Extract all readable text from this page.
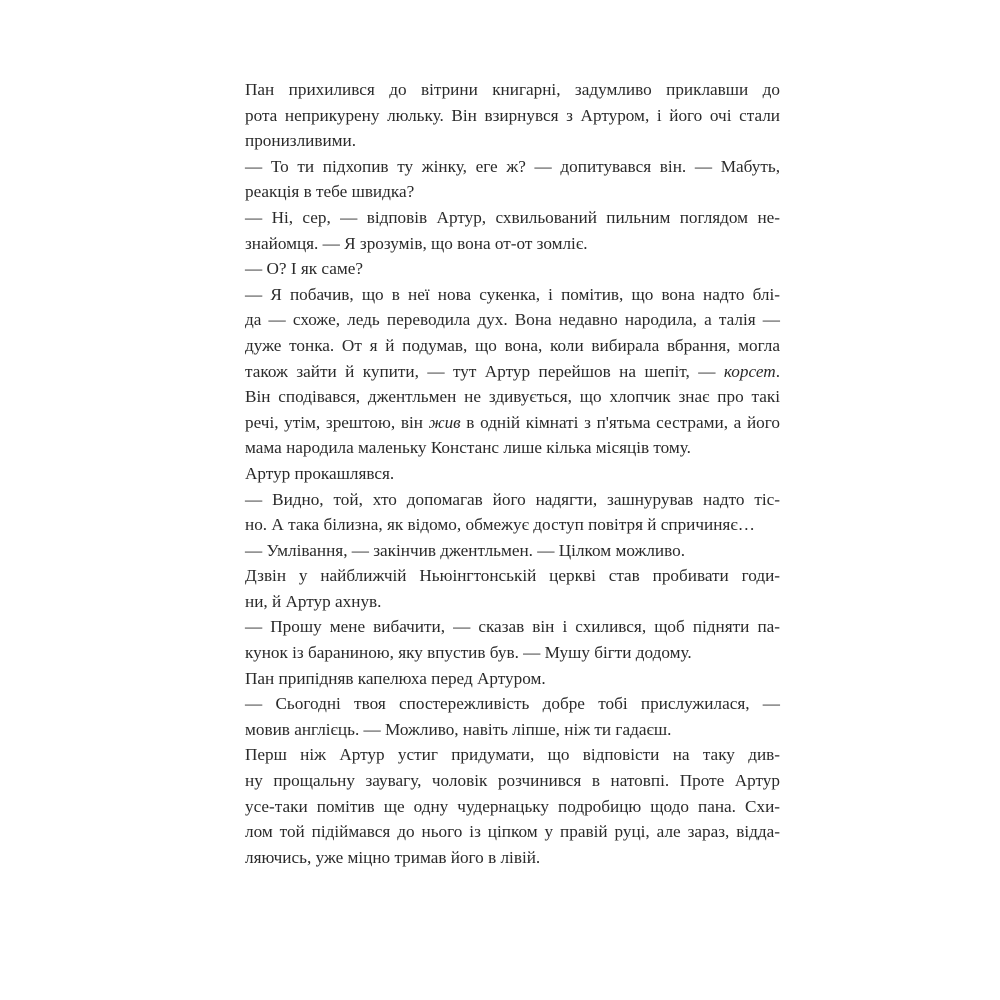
Пан прихилився до вітрини книгарні, задумливо приклавши до
рота неприкурену люльку. Він взирнувся з Артуром, і його очі стали
пронизливими.

— То ти підхопив ту жінку, еге ж? — допитувався він. — Мабуть,
реакція в тебе швидка?

— Ні, сер, — відповів Артур, схвильований пильним поглядом не-
знайомця. — Я зрозумів, що вона от-от зомліє.

— О? І як саме?

— Я побачив, що в неї нова сукенка, і помітив, що вона надто блі-
да — схоже, ледь переводила дух. Вона недавно народила, а талія —
дуже тонка. От я й подумав, що вона, коли вибирала вбрання, могла
також зайти й купити, — тут Артур перейшов на шепіт, — корсет.

Він сподівався, джентльмен не здивується, що хлопчик знає про такі
речі, утім, зрештою, він жив в одній кімнаті з п'ятьма сестрами, а його
мама народила маленьку Констанс лише кілька місяців тому.

Артур прокашлявся.

— Видно, той, хто допомагав його надягти, зашнурував надто тіс-
но. А така білизна, як відомо, обмежує доступ повітря й спричиняє…

— Умлівання, — закінчив джентльмен. — Цілком можливо.

Дзвін у найближчій Ньюінгтонській церкві став пробивати годи-
ни, й Артур ахнув.

— Прошу мене вибачити, — сказав він і схилився, щоб підняти па-
кунок із бараниною, яку впустив був. — Мушу бігти додому.

Пан припідняв капелюха перед Артуром.

— Сьогодні твоя спостережливість добре тобі прислужилася, —
мовив англієць. — Можливо, навіть ліпше, ніж ти гадаєш.

Перш ніж Артур устиг придумати, що відповісти на таку див-
ну прощальну заувагу, чоловік розчинився в натовпі. Проте Артур
усе-таки помітив ще одну чудернацьку подробицю щодо пана. Схи-
лом той підіймався до нього із ціпком у правій руці, але зараз, відда-
ляючись, уже міцно тримав його в лівій.
